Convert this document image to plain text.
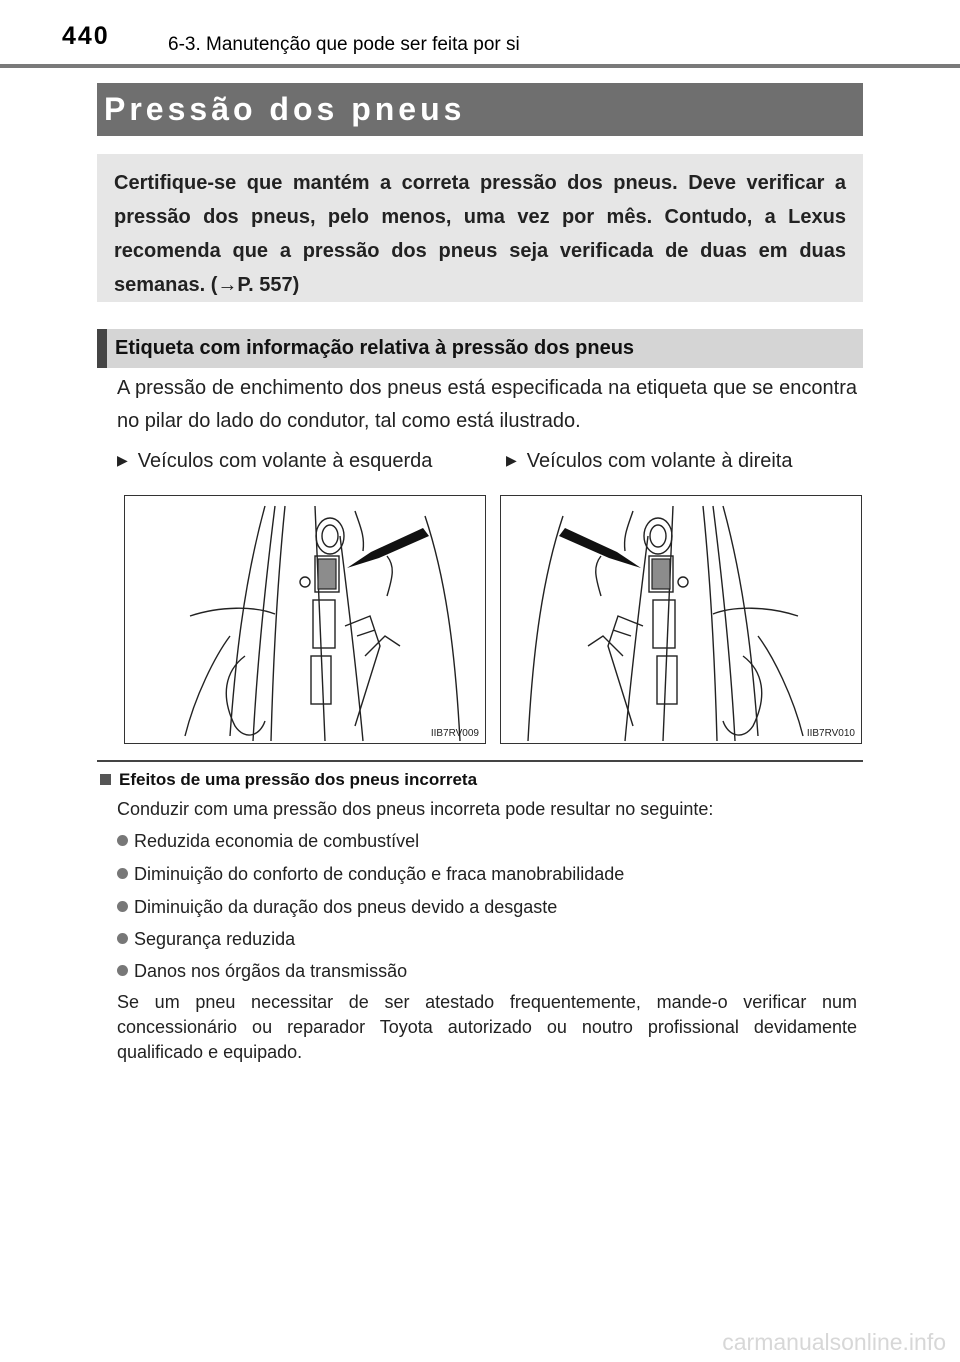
440	6-3. Manutenção que pode ser feita por si
Pressão dos pneus
Certifique-se que mantém a correta pressão dos pneus. Deve verificar a pressão dos pneus, pelo menos, uma vez por mês. Contudo, a Lexus recomenda que a pressão dos pneus seja verificada de duas em duas semanas. (→P. 557)
Etiqueta com informação relativa à pressão dos pneus
A pressão de enchimento dos pneus está especificada na etiqueta que se encontra no pilar do lado do condutor, tal como está ilustrado.
▶ Veículos com volante à esquerda	▶ Veículos com volante à direita
IIB7RV009	IIB7RV010
Efeitos de uma pressão dos pneus incorreta
Conduzir com uma pressão dos pneus incorreta pode resultar no seguinte:
Reduzida economia de combustível
Diminuição do conforto de condução e fraca manobrabilidade
Diminuição da duração dos pneus devido a desgaste
Segurança reduzida
Danos nos órgãos da transmissão
Se um pneu necessitar de ser atestado frequentemente, mande-o verificar num concessionário ou reparador Toyota autorizado ou noutro profissional devidamente qualificado e equipado.
carmanualsonline.info
